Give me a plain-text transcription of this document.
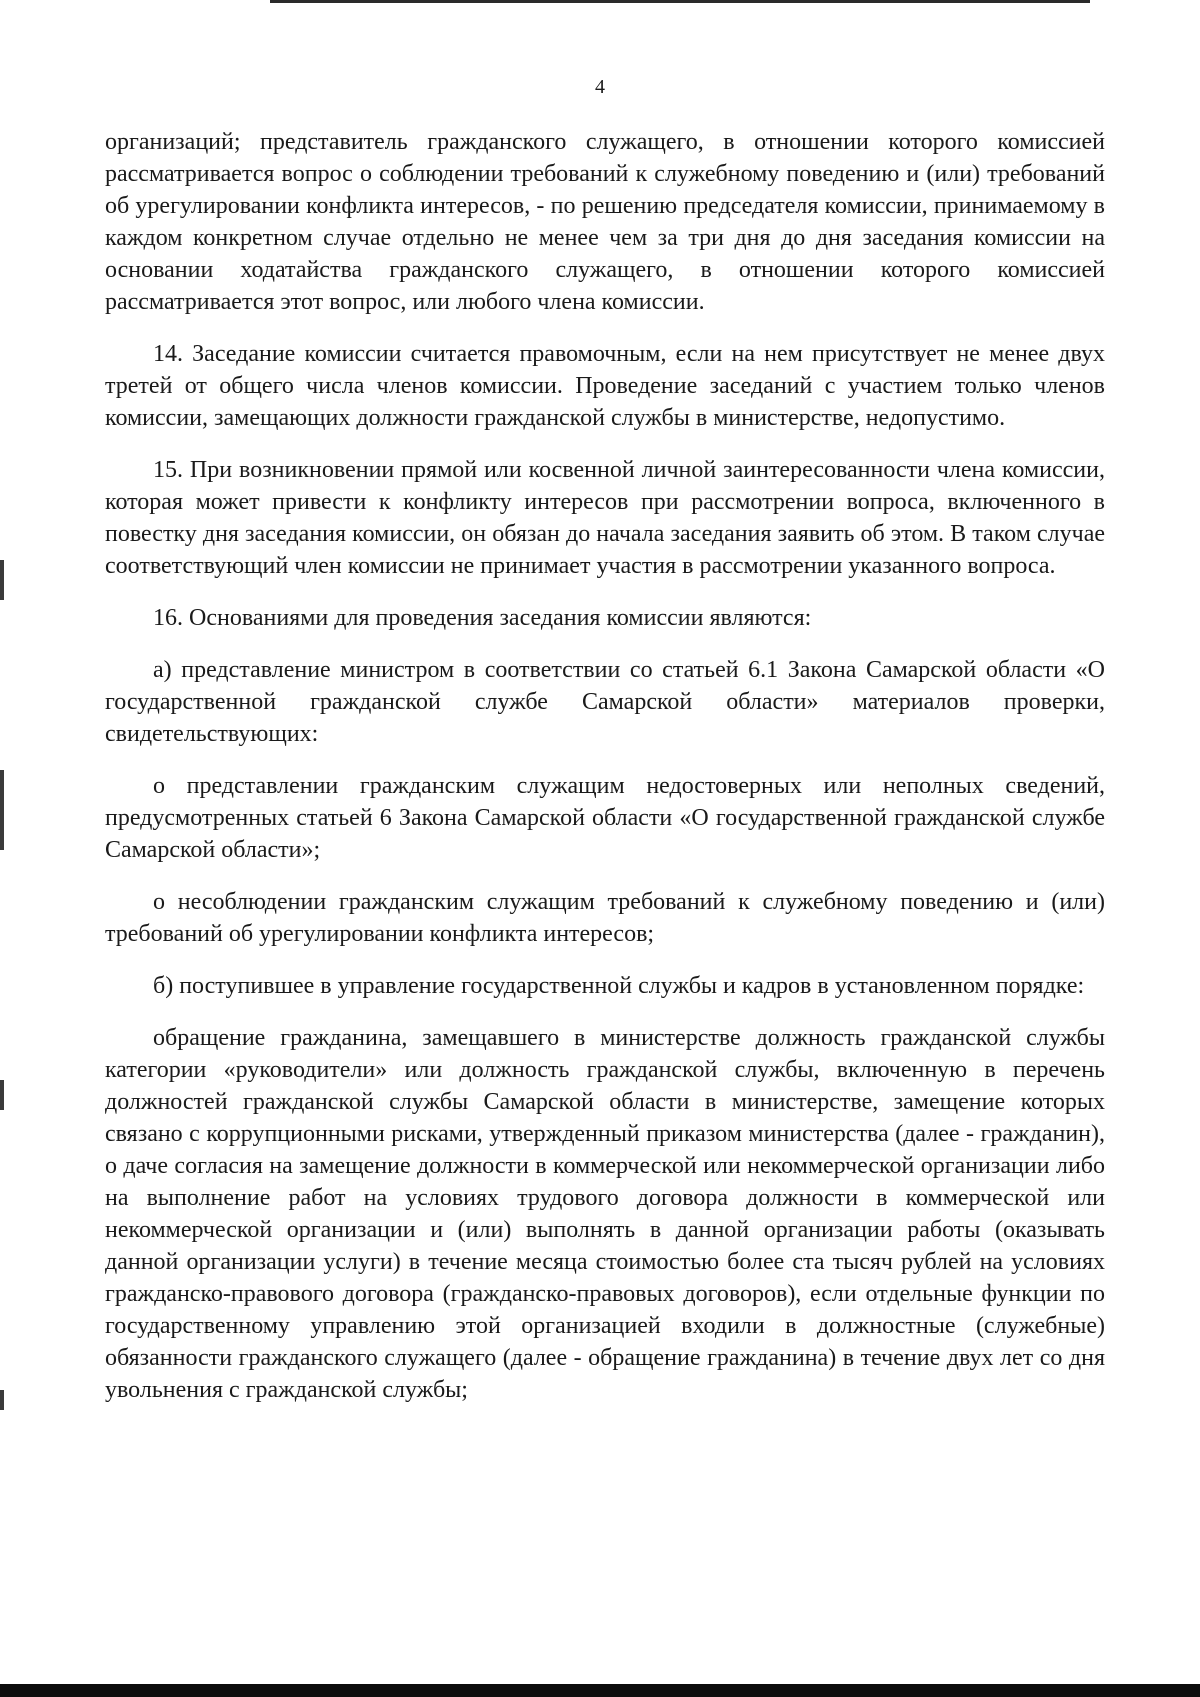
4

организаций; представитель гражданского служащего, в отношении которого комиссией рассматривается вопрос о соблюдении требований к служебному поведению и (или) требований об урегулировании конфликта интересов, - по решению председателя комиссии, принимаемому в каждом конкретном случае отдельно не менее чем за три дня до дня заседания комиссии на основании ходатайства гражданского служащего, в отношении которого комиссией рассматривается этот вопрос, или любого члена комиссии.

14. Заседание комиссии считается правомочным, если на нем присутствует не менее двух третей от общего числа членов комиссии. Проведение заседаний с участием только членов комиссии, замещающих должности гражданской службы в министерстве, недопустимо.

15. При возникновении прямой или косвенной личной заинтересованности члена комиссии, которая может привести к конфликту интересов при рассмотрении вопроса, включенного в повестку дня заседания комиссии, он обязан до начала заседания заявить об этом. В таком случае соответствующий член комиссии не принимает участия в рассмотрении указанного вопроса.

16. Основаниями для проведения заседания комиссии являются:

а) представление министром в соответствии со статьей 6.1 Закона Самарской области «О государственной гражданской службе Самарской области» материалов проверки, свидетельствующих:

о представлении гражданским служащим недостоверных или неполных сведений, предусмотренных статьей 6 Закона Самарской области «О государственной гражданской службе Самарской области»;

о несоблюдении гражданским служащим требований к служебному поведению и (или) требований об урегулировании конфликта интересов;

б) поступившее в управление государственной службы и кадров в установленном порядке:

обращение гражданина, замещавшего в министерстве должность гражданской службы категории «руководители» или должность гражданской службы, включенную в перечень должностей гражданской службы Самарской области в министерстве, замещение которых связано с коррупционными рисками, утвержденный приказом министерства (далее - гражданин), о даче согласия на замещение должности в коммерческой или некоммерческой организации либо на выполнение работ на условиях трудового договора должности в коммерческой или некоммерческой организации и (или) выполнять в данной организации работы (оказывать данной организации услуги) в течение месяца стоимостью более ста тысяч рублей на условиях гражданско-правового договора (гражданско-правовых договоров), если отдельные функции по государственному управлению этой организацией входили в должностные (служебные) обязанности гражданского служащего (далее - обращение гражданина) в течение двух лет со дня увольнения с гражданской службы;
